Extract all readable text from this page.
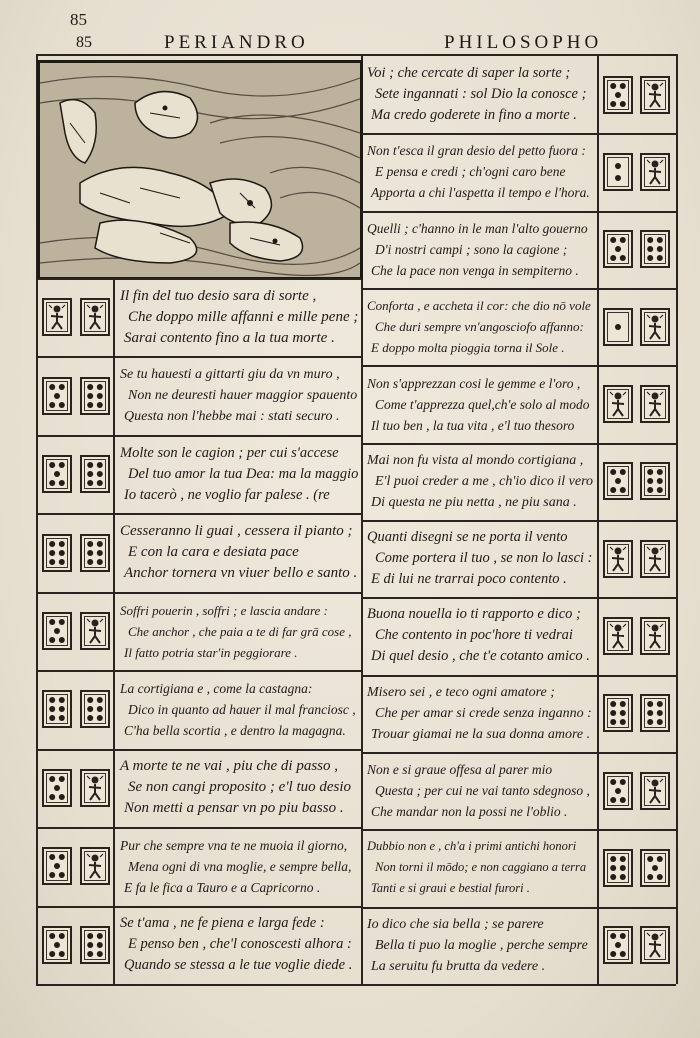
85
85	PERIANDRO	PHILOSOPHO
Il fin del tuo desio sara di sorte ,
Che doppo mille affanni e mille pene ;
Sarai contento fino a la tua morte .
Se tu hauesti a gittarti giu da vn muro ,
Non ne deuresti hauer maggior spauento
Questa non l'hebbe mai : stati securo .
Molte son le cagion ; per cui s'accese
Del tuo amor la tua Dea: ma la maggio
Io tacerò , ne voglio far palese . (re
Cesseranno li guai , cessera il pianto ;
E con la cara e desiata pace
Anchor tornera vn viuer bello e santo .
Soffri pouerin , soffri ; e lascia andare :
Che anchor , che paia a te di far grā cose ,
Il fatto potria star'in peggiorare .
La cortigiana e , come la castagna:
Dico in quanto ad hauer il mal franciosc ,
C'ha bella scortia , e dentro la magagna.
A morte te ne vai , piu che di passo ,
Se non cangi proposito ; e'l tuo desio
Non metti a pensar vn po piu basso .
Pur che sempre vna te ne muoia il giorno,
Mena ogni di vna moglie, e sempre bella,
E fa le fica a Tauro e a Capricorno .
Se t'ama , ne fe piena e larga fede :
E penso ben , che'l conoscesti alhora :
Quando se stessa a le tue voglie diede .
Voi ; che cercate di saper la sorte ;
Sete ingannati : sol Dio la conosce ;
Ma credo goderete in fino a morte .
Non t'esca il gran desio del petto fuora :
E pensa e credi ; ch'ogni caro bene
Apporta a chi l'aspetta il tempo e l'hora.
Quelli ; c'hanno in le man l'alto gouerno
D'i nostri campi ; sono la cagione ;
Che la pace non venga in sempiterno .
Conforta , e accheta il cor: che dio nō vole
Che duri sempre vn'angosciofo affanno:
E doppo molta pioggia torna il Sole .
Non s'apprezzan cosi le gemme e l'oro ,
Come t'apprezza quel,ch'e solo al modo
Il tuo ben , la tua vita , e'l tuo thesoro
Mai non fu vista al mondo cortigiana ,
E'l puoi creder a me , ch'io dico il vero
Di questa ne piu netta , ne piu sana .
Quanti disegni se ne porta il vento
Come portera il tuo , se non lo lasci :
E di lui ne trarrai poco contento .
Buona nouella io ti rapporto e dico ;
Che contento in poc'hore ti vedrai
Di quel desio , che t'e cotanto amico .
Misero sei , e teco ogni amatore ;
Che per amar si crede senza inganno :
Trouar giamai ne la sua donna amore .
Non e si graue offesa al parer mio
Questa ; per cui ne vai tanto sdegnoso ,
Che mandar non la possi ne l'oblio .
Dubbio non e , ch'a i primi antichi honori
Non torni il mōdo; e non caggiano a terra
Tanti e si graui e bestial furori .
Io dico che sia bella ; se parere
Bella ti puo la moglie , perche sempre
La seruitu fu brutta da vedere .
